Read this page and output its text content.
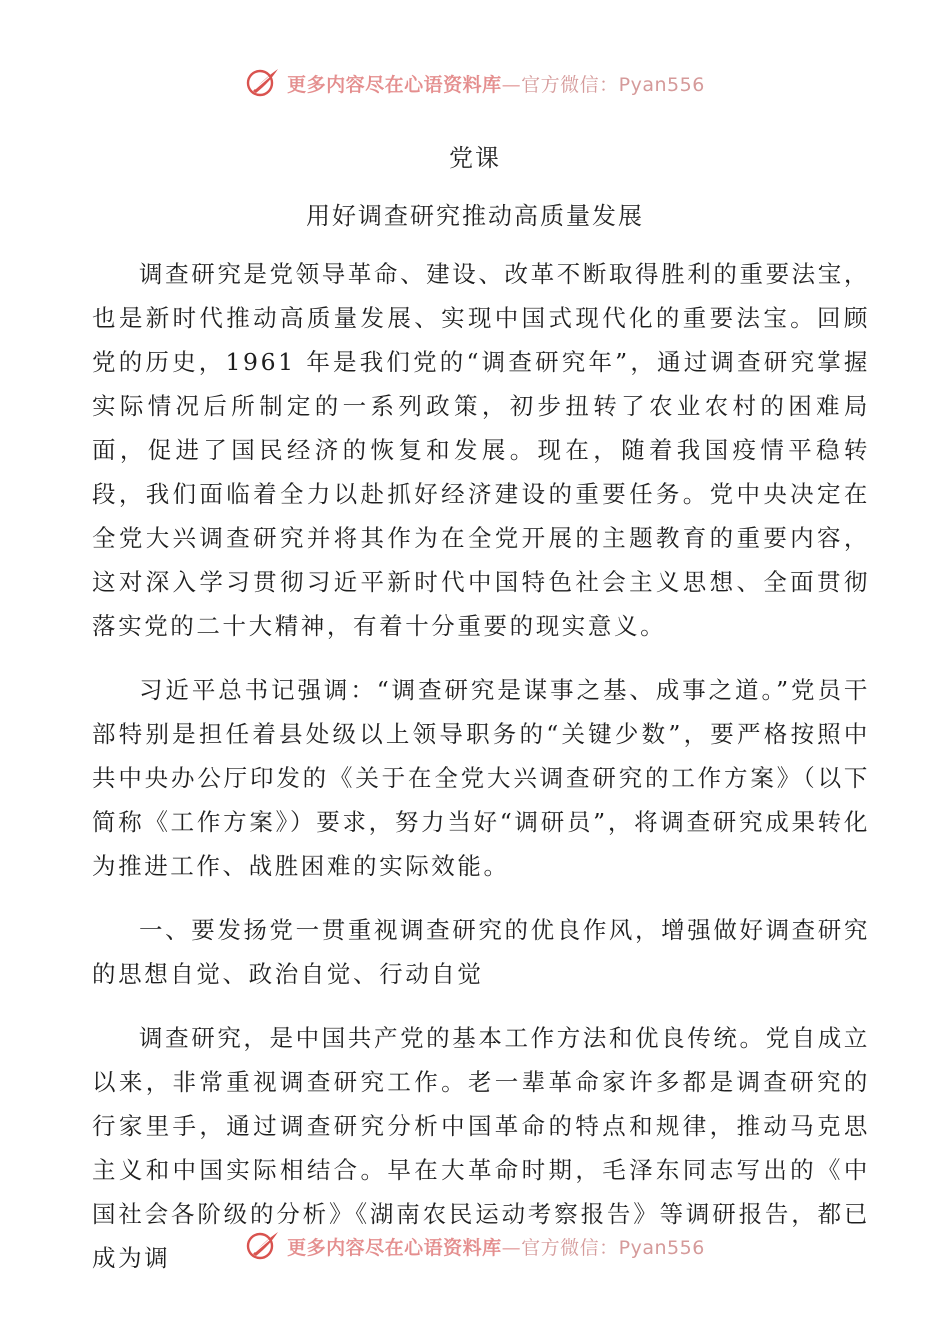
更多内容尽在心语资料库—官方微信：Pyan556
党课
用好调查研究推动高质量发展

调查研究是党领导革命、建设、改革不断取得胜利的重要法宝，也是新时代推动高质量发展、实现中国式现代化的重要法宝。回顾党的历史，1961 年是我们党的“调查研究年”，通过调查研究掌握实际情况后所制定的一系列政策，初步扭转了农业农村的困难局面，促进了国民经济的恢复和发展。现在，随着我国疫情平稳转段，我们面临着全力以赴抓好经济建设的重要任务。党中央决定在全党大兴调查研究并将其作为在全党开展的主题教育的重要内容，这对深入学习贯彻习近平新时代中国特色社会主义思想、全面贯彻落实党的二十大精神，有着十分重要的现实意义。

习近平总书记强调：“调查研究是谋事之基、成事之道。”党员干部特别是担任着县处级以上领导职务的“关键少数”，要严格按照中共中央办公厅印发的《关于在全党大兴调查研究的工作方案》（以下简称《工作方案》）要求，努力当好“调研员”，将调查研究成果转化为推进工作、战胜困难的实际效能。

一、要发扬党一贯重视调查研究的优良作风，增强做好调查研究的思想自觉、政治自觉、行动自觉

调查研究，是中国共产党的基本工作方法和优良传统。党自成立以来，非常重视调查研究工作。老一辈革命家许多都是调查研究的行家里手，通过调查研究分析中国革命的特点和规律，推动马克思主义和中国实际相结合。早在大革命时期，毛泽东同志写出的《中国社会各阶级的分析》《湖南农民运动考察报告》等调研报告，都已成为调	更多内容尽在心语资料库—官方微信：Pyan556
